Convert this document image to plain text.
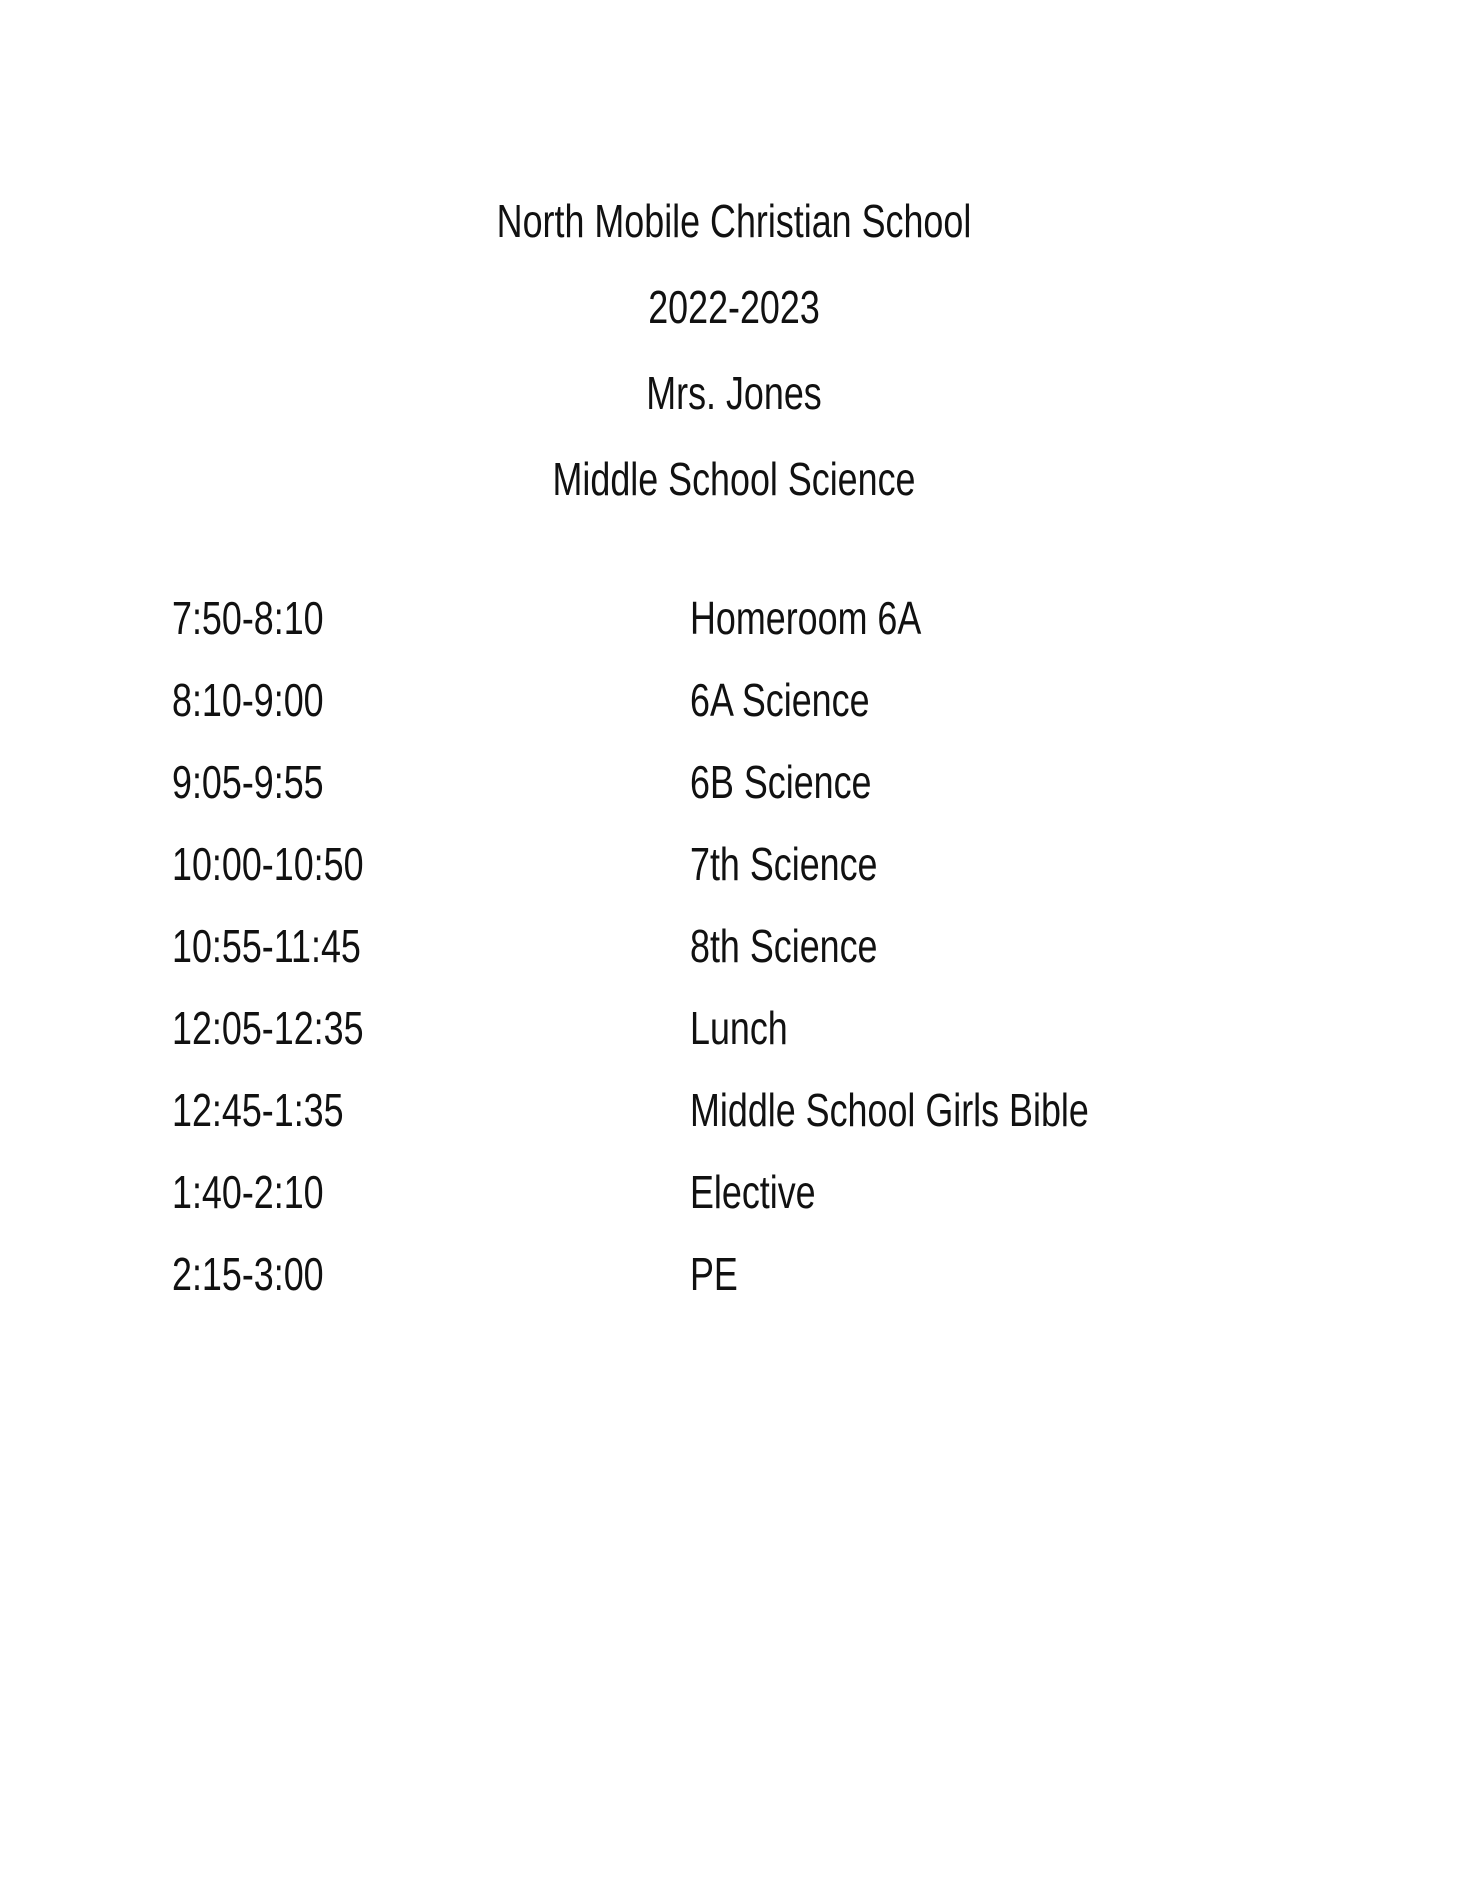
North Mobile Christian School
2022-2023
Mrs. Jones
Middle School Science
7:50-8:10	Homeroom 6A
8:10-9:00	6A Science
9:05-9:55	6B Science
10:00-10:50	7th Science
10:55-11:45	8th Science
12:05-12:35	Lunch
12:45-1:35	Middle School Girls Bible
1:40-2:10	Elective
2:15-3:00	PE
